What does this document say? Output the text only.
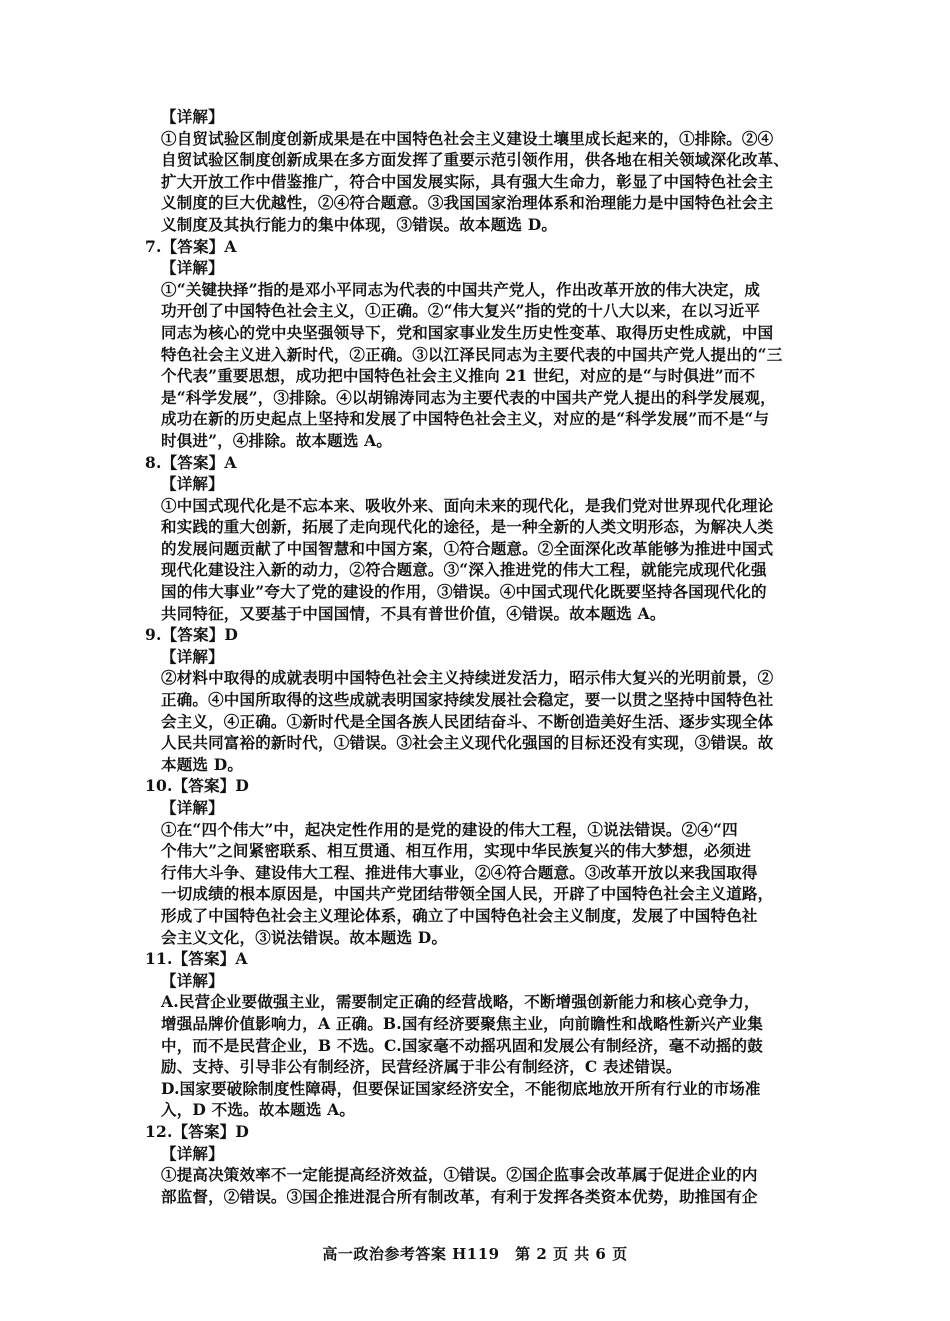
【详解】
①自贸试验区制度创新成果是在中国特色社会主义建设土壤里成长起来的，①排除。②④
自贸试验区制度创新成果在多方面发挥了重要示范引领作用，供各地在相关领域深化改革、
扩大开放工作中借鉴推广，符合中国发展实际，具有强大生命力，彰显了中国特色社会主
义制度的巨大优越性，②④符合题意。③我国国家治理体系和治理能力是中国特色社会主
义制度及其执行能力的集中体现，③错误。故本题选 D。
7.【答案】A
【详解】
①“关键抉择”指的是邓小平同志为代表的中国共产党人，作出改革开放的伟大决定，成
功开创了中国特色社会主义，①正确。②“伟大复兴”指的党的十八大以来，在以习近平
同志为核心的党中央坚强领导下，党和国家事业发生历史性变革、取得历史性成就，中国
特色社会主义进入新时代，②正确。③以江泽民同志为主要代表的中国共产党人提出的“三
个代表”重要思想，成功把中国特色社会主义推向 21 世纪，对应的是“与时俱进”而不
是“科学发展”，③排除。④以胡锦涛同志为主要代表的中国共产党人提出的科学发展观，
成功在新的历史起点上坚持和发展了中国特色社会主义，对应的是“科学发展”而不是“与
时俱进”，④排除。故本题选 A。
8.【答案】A
【详解】
①中国式现代化是不忘本来、吸收外来、面向未来的现代化，是我们党对世界现代化理论
和实践的重大创新，拓展了走向现代化的途径，是一种全新的人类文明形态，为解决人类
的发展问题贡献了中国智慧和中国方案，①符合题意。②全面深化改革能够为推进中国式
现代化建设注入新的动力，②符合题意。③“深入推进党的伟大工程，就能完成现代化强
国的伟大事业”夸大了党的建设的作用，③错误。④中国式现代化既要坚持各国现代化的
共同特征，又要基于中国国情，不具有普世价值，④错误。故本题选 A。
9.【答案】D
【详解】
②材料中取得的成就表明中国特色社会主义持续迸发活力，昭示伟大复兴的光明前景，②
正确。④中国所取得的这些成就表明国家持续发展社会稳定，要一以贯之坚持中国特色社
会主义，④正确。①新时代是全国各族人民团结奋斗、不断创造美好生活、逐步实现全体
人民共同富裕的新时代，①错误。③社会主义现代化强国的目标还没有实现，③错误。故
本题选 D。
10.【答案】D
【详解】
①在“四个伟大”中，起决定性作用的是党的建设的伟大工程，①说法错误。②④“四
个伟大”之间紧密联系、相互贯通、相互作用，实现中华民族复兴的伟大梦想，必须进
行伟大斗争、建设伟大工程、推进伟大事业，②④符合题意。③改革开放以来我国取得
一切成绩的根本原因是，中国共产党团结带领全国人民，开辟了中国特色社会主义道路，
形成了中国特色社会主义理论体系，确立了中国特色社会主义制度，发展了中国特色社
会主义文化，③说法错误。故本题选 D。
11.【答案】A
【详解】
A.民营企业要做强主业，需要制定正确的经营战略，不断增强创新能力和核心竞争力，
增强品牌价值影响力，A 正确。B.国有经济要聚焦主业，向前瞻性和战略性新兴产业集
中，而不是民营企业，B 不选。C.国家毫不动摇巩固和发展公有制经济，毫不动摇的鼓
励、支持、引导非公有制经济，民营经济属于非公有制经济，C 表述错误。
D.国家要破除制度性障碍，但要保证国家经济安全，不能彻底地放开所有行业的市场准
入，D 不选。故本题选 A。
12.【答案】D
【详解】
①提高决策效率不一定能提高经济效益，①错误。②国企监事会改革属于促进企业的内
部监督，②错误。③国企推进混合所有制改革，有利于发挥各类资本优势，助推国有企
高一政治参考答案 H119　第 2 页 共 6 页
